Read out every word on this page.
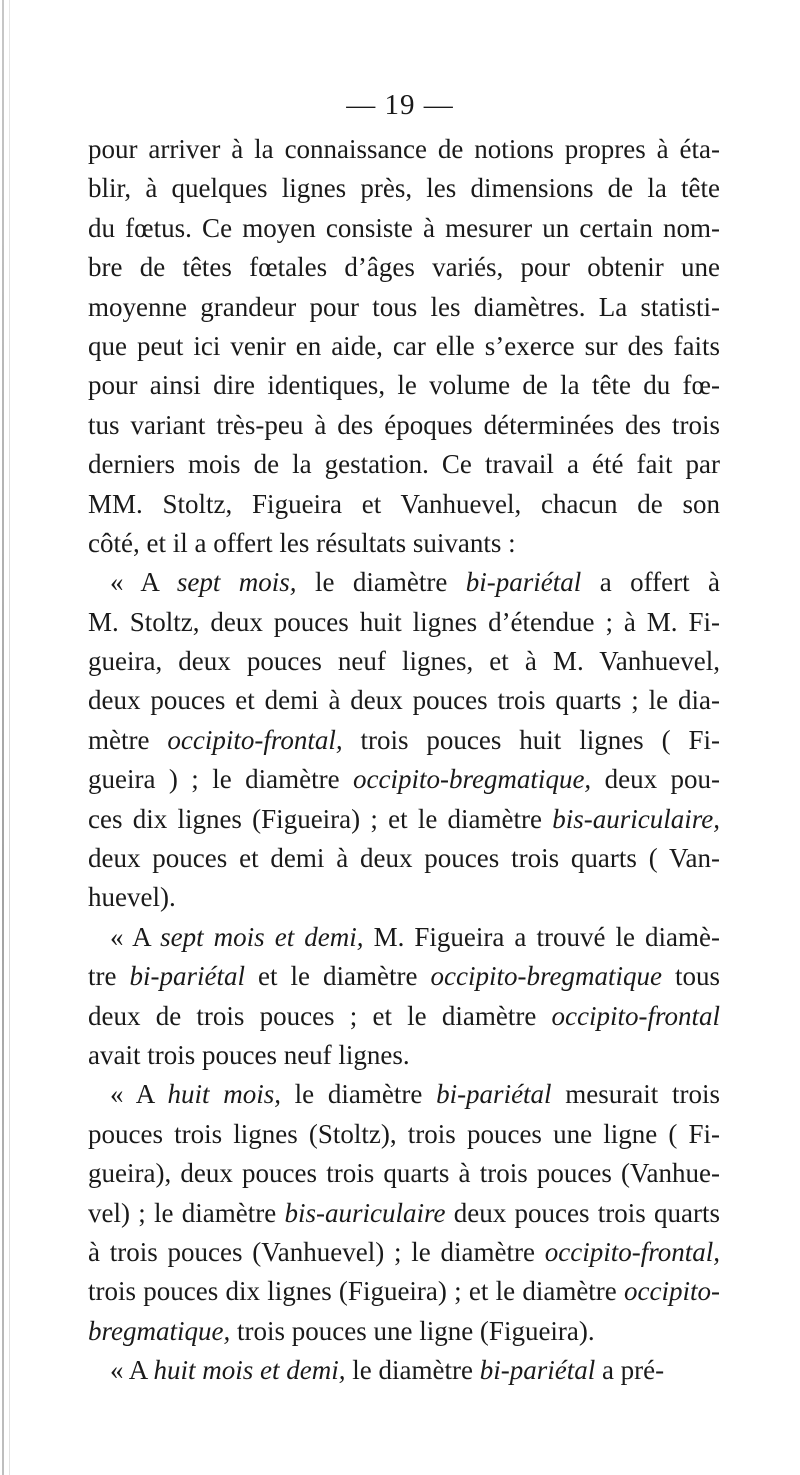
— 19 —
pour arriver à la connaissance de notions propres à éta-
blir, à quelques lignes près, les dimensions de la tête
du fœtus. Ce moyen consiste à mesurer un certain nom-
bre de têtes fœtales d’âges variés, pour obtenir une
moyenne grandeur pour tous les diamètres. La statisti-
que peut ici venir en aide, car elle s’exerce sur des faits
pour ainsi dire identiques, le volume de la tête du fœ-
tus variant très-peu à des époques déterminées des trois
derniers mois de la gestation. Ce travail a été fait par
MM. Stoltz, Figueira et Vanhuevel, chacun de son
côté, et il a offert les résultats suivants :
« A sept mois, le diamètre bi-pariétal a offert à
M. Stoltz, deux pouces huit lignes d’étendue ; à M. Fi-
gueira, deux pouces neuf lignes, et à M. Vanhuevel,
deux pouces et demi à deux pouces trois quarts ; le dia-
mètre occipito-frontal, trois pouces huit lignes ( Fi-
gueira ) ; le diamètre occipito-bregmatique, deux pou-
ces dix lignes (Figueira) ; et le diamètre bis-auriculaire,
deux pouces et demi à deux pouces trois quarts ( Van-
huevel).
« A sept mois et demi, M. Figueira a trouvé le diamè-
tre bi-pariétal et le diamètre occipito-bregmatique tous
deux de trois pouces ; et le diamètre occipito-frontal
avait trois pouces neuf lignes.
« A huit mois, le diamètre bi-pariétal mesurait trois
pouces trois lignes (Stoltz), trois pouces une ligne ( Fi-
gueira), deux pouces trois quarts à trois pouces (Vanhue-
vel) ; le diamètre bis-auriculaire deux pouces trois quarts
à trois pouces (Vanhuevel) ; le diamètre occipito-frontal,
trois pouces dix lignes (Figueira) ; et le diamètre occipito-
bregmatique, trois pouces une ligne (Figueira).
« A huit mois et demi, le diamètre bi-pariétal a pré-
